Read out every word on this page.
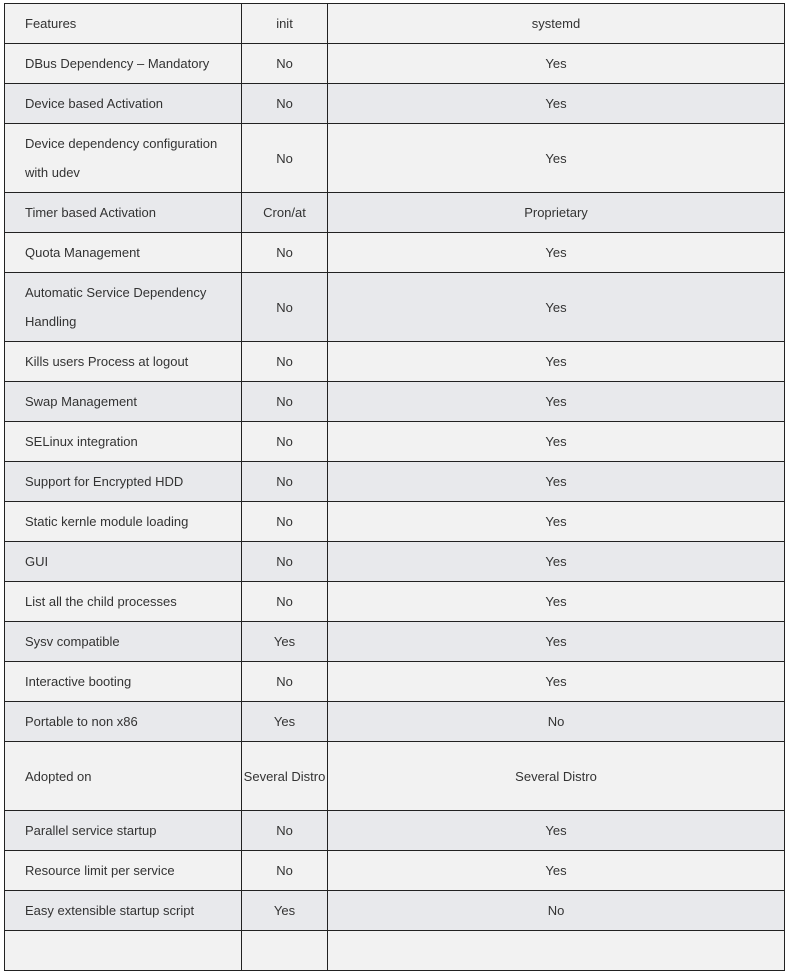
Features	init	systemd
DBus Dependency – Mandatory	No	Yes
Device based Activation	No	Yes
Device dependency configuration with udev	No	Yes
Timer based Activation	Cron/at	Proprietary
Quota Management	No	Yes
Automatic Service Dependency Handling	No	Yes
Kills users Process at logout	No	Yes
Swap Management	No	Yes
SELinux integration	No	Yes
Support for Encrypted HDD	No	Yes
Static kernle module loading	No	Yes
GUI	No	Yes
List all the child processes	No	Yes
Sysv compatible	Yes	Yes
Interactive booting	No	Yes
Portable to non x86	Yes	No
Adopted on	Several Distro	Several Distro
Parallel service startup	No	Yes
Resource limit per service	No	Yes
Easy extensible startup script	Yes	No
